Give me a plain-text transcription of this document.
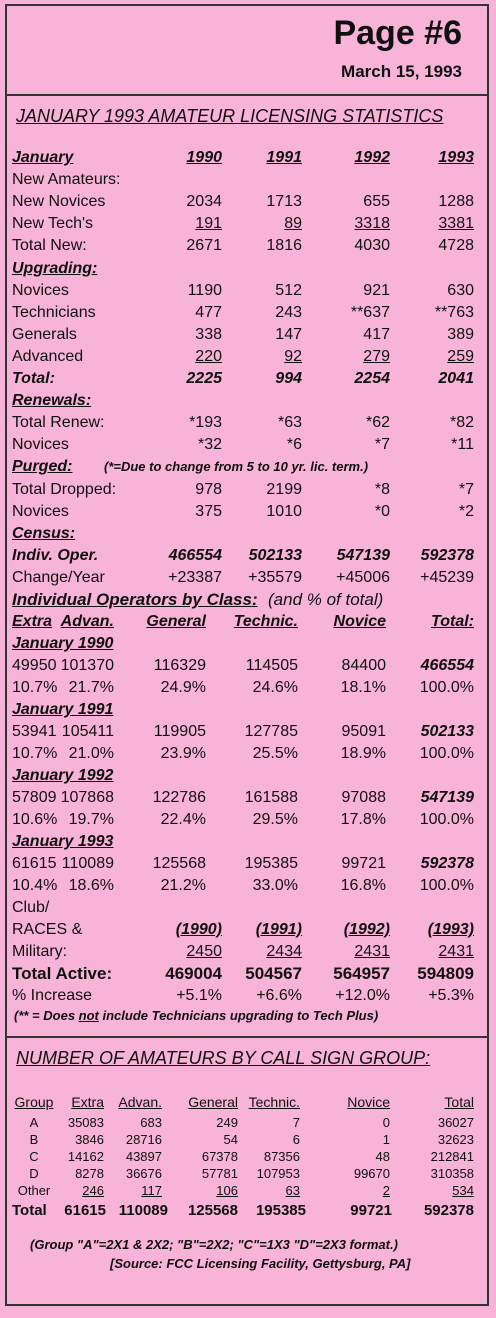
Page #6
March 15, 1993
JANUARY 1993 AMATEUR LICENSING STATISTICS
January	1990	1991	1992	1993
New Amateurs:
New Novices	2034	1713	655	1288
New Tech's	191	89	3318	3381
Total New:	2671	1816	4030	4728
Upgrading:
Novices	1190	512	921	630
Technicians	477	243	**637	**763
Generals	338	147	417	389
Advanced	220	92	279	259
Total:	2225	994	2254	2041
Renewals:
Total Renew:	*193	*63	*62	*82
Novices	*32	*6	*7	*11
Purged: (*=Due to change from 5 to 10 yr. lic. term.)
Total Dropped:	978	2199	*8	*7
Novices	375	1010	*0	*2
Census:
Indiv. Oper.	466554	502133	547139	592378
Change/Year	+23387	+35579	+45006	+45239
Individual Operators by Class: (and % of total)
Extra Advan.	General	Technic.	Novice	Total:
January 1990
49950 101370	116329	114505	84400	466554
10.7% 21.7%	24.9%	24.6%	18.1%	100.0%
January 1991
53941 105411	119905	127785	95091	502133
10.7% 21.0%	23.9%	25.5%	18.9%	100.0%
January 1992
57809 107868	122786	161588	97088	547139
10.6% 19.7%	22.4%	29.5%	17.8%	100.0%
January 1993
61615 110089	125568	195385	99721	592378
10.4% 18.6%	21.2%	33.0%	16.8%	100.0%
Club/
RACES &	(1990)	(1991)	(1992)	(1993)
Military:	2450	2434	2431	2431
Total Active:	469004	504567	564957	594809
% Increase	+5.1%	+6.6%	+12.0%	+5.3%
(** = Does not include Technicians upgrading to Tech Plus)
NUMBER OF AMATEURS BY CALL SIGN GROUP:
Group	Extra	Advan.	General Technic.	Novice	Total
A	35083	683	249	7	0	36027
B	3846	28716	54	6	1	32623
C	14162	43897	67378	87356	48	212841
D	8278	36676	57781	107953	99670	310358
Other	246	117	106	63	2	534
Total	61615 110089	125568	195385	99721	592378
(Group "A"=2X1 & 2X2; "B"=2X2; "C"=1X3 "D"=2X3 format.)
[Source: FCC Licensing Facility, Gettysburg, PA]
